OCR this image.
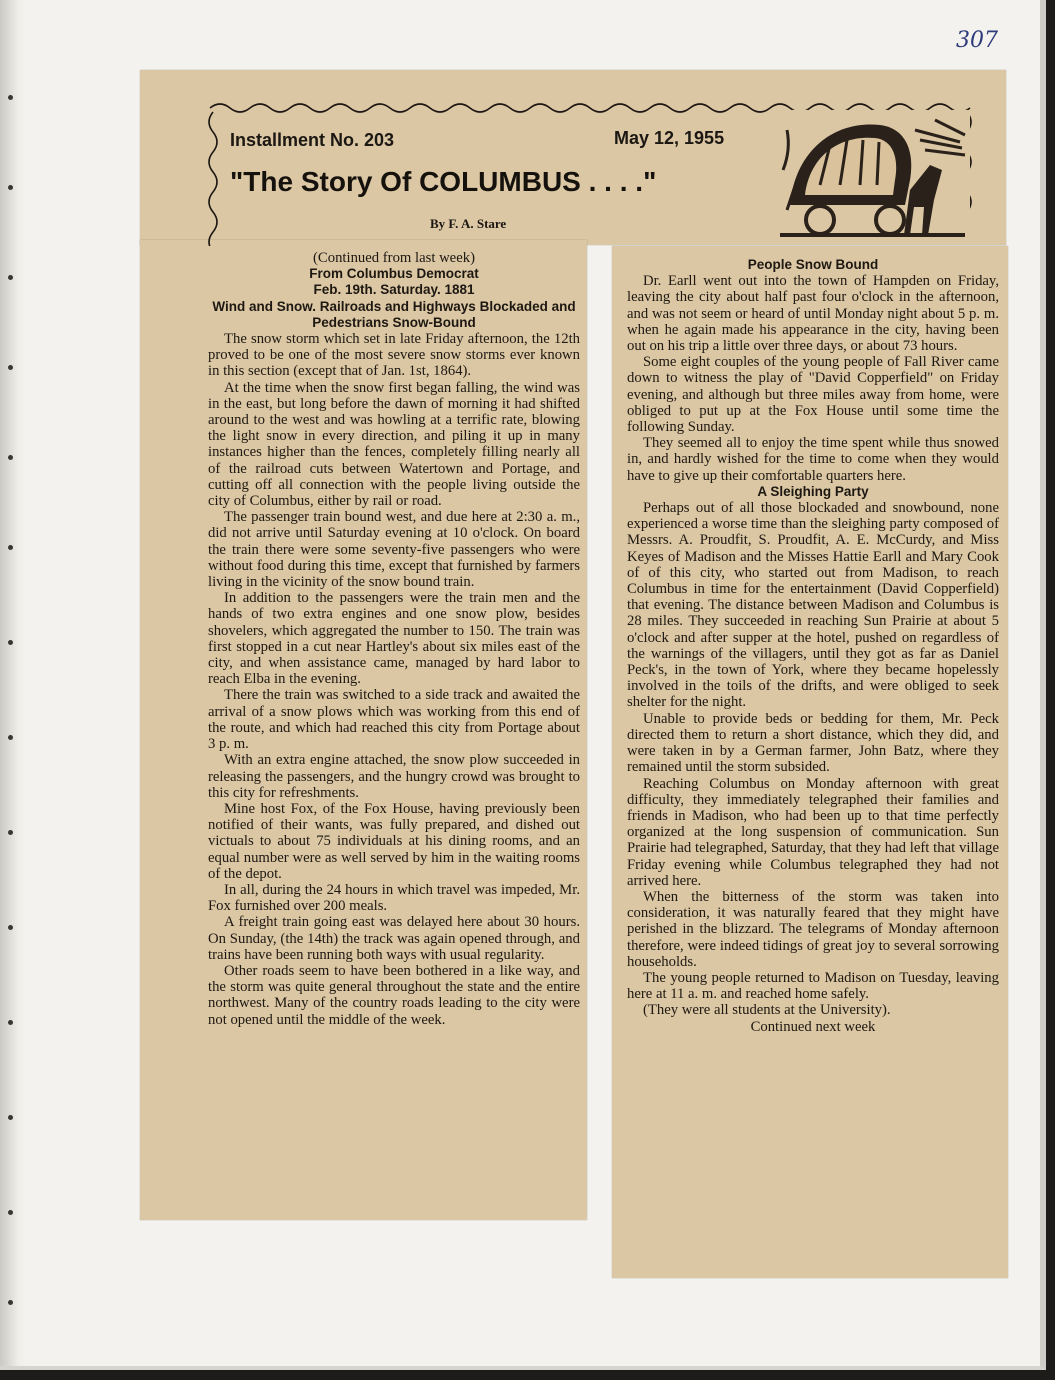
307
Installment No. 203	May 12, 1955
"The Story Of COLUMBUS . . . ."
By F. A. Stare

(Continued from last week)

From Columbus Democrat

Feb. 19th. Saturday. 1881

Wind and Snow. Railroads and Highways Blockaded and Pedestrians Snow-Bound

The snow storm which set in late Friday afternoon, the 12th proved to be one of the most severe snow storms ever known in this section (except that of Jan. 1st, 1864).

At the time when the snow first began falling, the wind was in the east, but long before the dawn of morning it had shifted around to the west and was howling at a terrific rate, blowing the light snow in every direction, and piling it up in many instances higher than the fences, completely filling nearly all of the railroad cuts between Watertown and Portage, and cutting off all connection with the people living outside the city of Columbus, either by rail or road.

The passenger train bound west, and due here at 2:30 a. m., did not arrive until Saturday evening at 10 o'clock. On board the train there were some seventy-five passengers who were without food during this time, except that furnished by farmers living in the vicinity of the snow bound train.

In addition to the passengers were the train men and the hands of two extra engines and one snow plow, besides shovelers, which aggregated the number to 150. The train was first stopped in a cut near Hartley's about six miles east of the city, and when assistance came, managed by hard labor to reach Elba in the evening.

There the train was switched to a side track and awaited the arrival of a snow plows which was working from this end of the route, and which had reached this city from Portage about 3 p. m.

With an extra engine attached, the snow plow succeeded in releasing the passengers, and the hungry crowd was brought to this city for refreshments.

Mine host Fox, of the Fox House, having previously been notified of their wants, was fully prepared, and dished out victuals to about 75 individuals at his dining rooms, and an equal number were as well served by him in the waiting rooms of the depot.

In all, during the 24 hours in which travel was impeded, Mr. Fox furnished over 200 meals.

A freight train going east was delayed here about 30 hours. On Sunday, (the 14th) the track was again opened through, and trains have been running both ways with usual regularity.

Other roads seem to have been bothered in a like way, and the storm was quite general throughout the state and the entire northwest. Many of the country roads leading to the city were not opened until the middle of the week.

People Snow Bound

Dr. Earll went out into the town of Hampden on Friday, leaving the city about half past four o'clock in the afternoon, and was not seem or heard of until Monday night about 5 p. m. when he again made his appearance in the city, having been out on his trip a little over three days, or about 73 hours.

Some eight couples of the young people of Fall River came down to witness the play of "David Copperfield" on Friday evening, and although but three miles away from home, were obliged to put up at the Fox House until some time the following Sunday.

They seemed all to enjoy the time spent while thus snowed in, and hardly wished for the time to come when they would have to give up their comfortable quarters here.

A Sleighing Party

Perhaps out of all those blockaded and snowbound, none experienced a worse time than the sleighing party composed of Messrs. A. Proudfit, S. Proudfit, A. E. McCurdy, and Miss Keyes of Madison and the Misses Hattie Earll and Mary Cook of of this city, who started out from Madison, to reach Columbus in time for the entertainment (David Copperfield) that evening. The distance between Madison and Columbus is 28 miles. They succeeded in reaching Sun Prairie at about 5 o'clock and after supper at the hotel, pushed on regardless of the warnings of the villagers, until they got as far as Daniel Peck's, in the town of York, where they became hopelessly involved in the toils of the drifts, and were obliged to seek shelter for the night.

Unable to provide beds or bedding for them, Mr. Peck directed them to return a short distance, which they did, and were taken in by a German farmer, John Batz, where they remained until the storm subsided.

Reaching Columbus on Monday afternoon with great difficulty, they immediately telegraphed their families and friends in Madison, who had been up to that time perfectly organized at the long suspension of communication. Sun Prairie had telegraphed, Saturday, that they had left that village Friday evening while Columbus telegraphed they had not arrived here.

When the bitterness of the storm was taken into consideration, it was naturally feared that they might have perished in the blizzard. The telegrams of Monday afternoon therefore, were indeed tidings of great joy to several sorrowing households.

The young people returned to Madison on Tuesday, leaving here at 11 a. m. and reached home safely.

(They were all students at the University).

Continued next week
